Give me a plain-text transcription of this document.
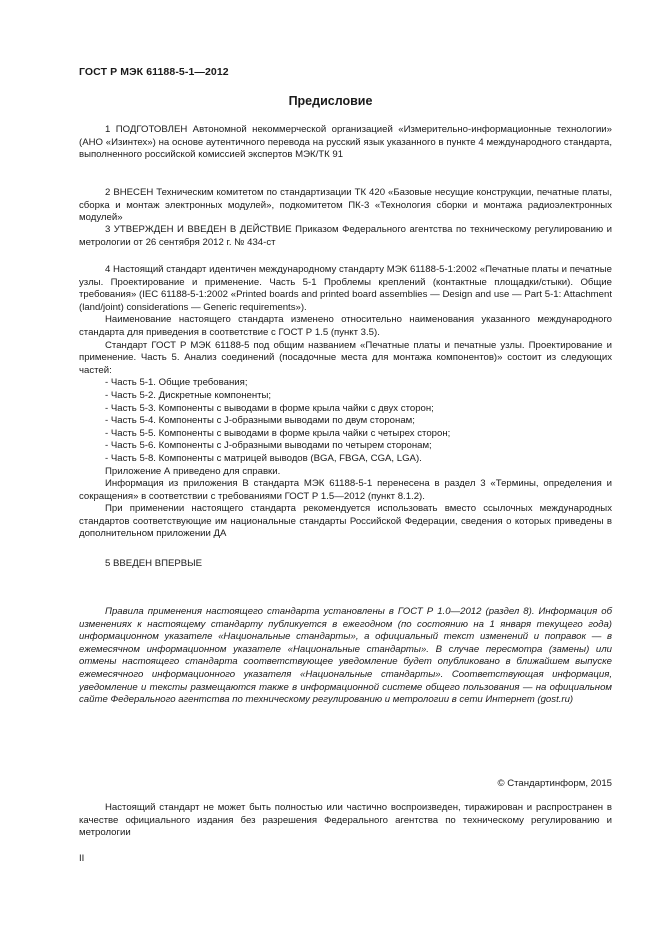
ГОСТ Р МЭК 61188-5-1—2012
Предисловие

1 ПОДГОТОВЛЕН Автономной некоммерческой организацией «Измерительно-информационные технологии» (АНО «Изинтех») на основе аутентичного перевода на русский язык указанного в пункте 4 международного стандарта, выполненного российской комиссией экспертов МЭК/ТК 91

2 ВНЕСЕН Техническим комитетом по стандартизации ТК 420 «Базовые несущие конструкции, печатные платы, сборка и монтаж электронных модулей», подкомитетом ПК-3 «Технология сборки и монтажа радиоэлектронных модулей»

3 УТВЕРЖДЕН И ВВЕДЕН В ДЕЙСТВИЕ Приказом Федерального агентства по техническому регулированию и метрологии от 26 сентября 2012 г. № 434-ст

4 Настоящий стандарт идентичен международному стандарту МЭК 61188-5-1:2002 «Печатные платы и печатные узлы. Проектирование и применение. Часть 5-1 Проблемы креплений (контактные площадки/стыки). Общие требования» (IEC 61188-5-1:2002 «Printed boards and printed board assemblies — Design and use — Part 5-1: Attachment (land/joint) considerations — Generic requirements»).

Наименование настоящего стандарта изменено относительно наименования указанного международного стандарта для приведения в соответствие с ГОСТ Р 1.5 (пункт 3.5).

Стандарт ГОСТ Р МЭК 61188-5 под общим названием «Печатные платы и печатные узлы. Проектирование и применение. Часть 5. Анализ соединений (посадочные места для монтажа компонентов)» состоит из следующих частей:

- Часть 5-1. Общие требования;

- Часть 5-2. Дискретные компоненты;

- Часть 5-3. Компоненты с выводами в форме крыла чайки с двух сторон;

- Часть 5-4. Компоненты с J-образными выводами по двум сторонам;

- Часть 5-5. Компоненты с выводами в форме крыла чайки с четырех сторон;

- Часть 5-6. Компоненты с J-образными выводами по четырем сторонам;

- Часть 5-8. Компоненты с матрицей выводов (BGA, FBGA, CGA, LGA).

Приложение А приведено для справки.

Информация из приложения В стандарта МЭК 61188-5-1 перенесена в раздел 3 «Термины, определения и сокращения» в соответствии с требованиями ГОСТ Р 1.5—2012 (пункт 8.1.2).

При применении настоящего стандарта рекомендуется использовать вместо ссылочных международных стандартов соответствующие им национальные стандарты Российской Федерации, сведения о которых приведены в дополнительном приложении ДА

5 ВВЕДЕН ВПЕРВЫЕ

Правила применения настоящего стандарта установлены в ГОСТ Р 1.0—2012 (раздел 8). Информация об изменениях к настоящему стандарту публикуется в ежегодном (по состоянию на 1 января текущего года) информационном указателе «Национальные стандарты», а официальный текст изменений и поправок — в ежемесячном информационном указателе «Национальные стандарты». В случае пересмотра (замены) или отмены настоящего стандарта соответствующее уведомление будет опубликовано в ближайшем выпуске ежемесячного информационного указателя «Национальные стандарты». Соответствующая информация, уведомление и тексты размещаются также в информационной системе общего пользования — на официальном сайте Федерального агентства по техническому регулированию и метрологии в сети Интернет (gost.ru)
© Стандартинформ, 2015
Настоящий стандарт не может быть полностью или частично воспроизведен, тиражирован и распространен в качестве официального издания без разрешения Федерального агентства по техническому регулированию и метрологии
II
